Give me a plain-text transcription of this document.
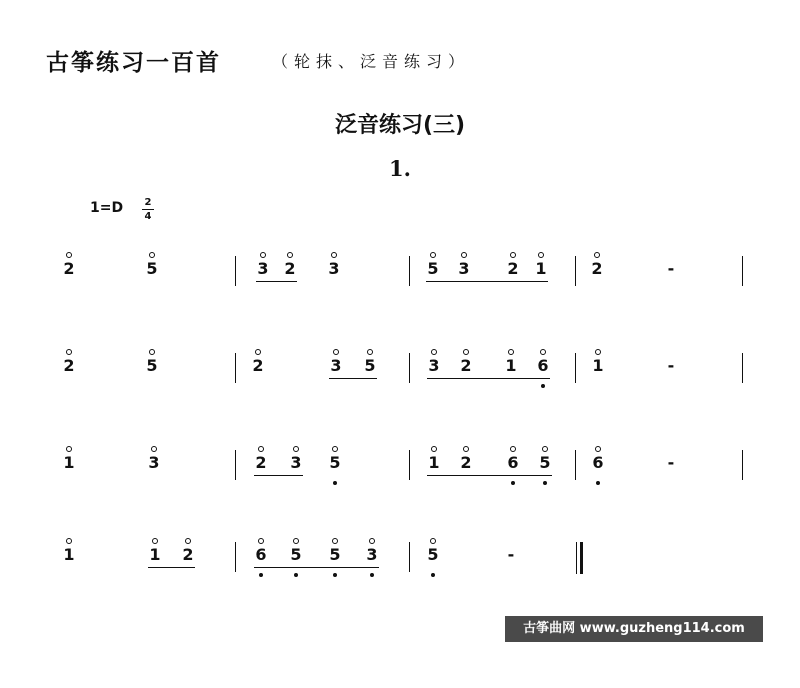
古筝练习一百首	（轮抹、泛音练习）
泛音练习(三)
1.
1=D 2
4
2	5	3 2 3	5 3 2 1	2	-
2	5	2	3 5	3 2 1 6	1	-
1	3	2 3 5	1 2 6 5	6	-
1	1 2	6 5 5 3	5	-
古筝曲网 www.guzheng114.com
